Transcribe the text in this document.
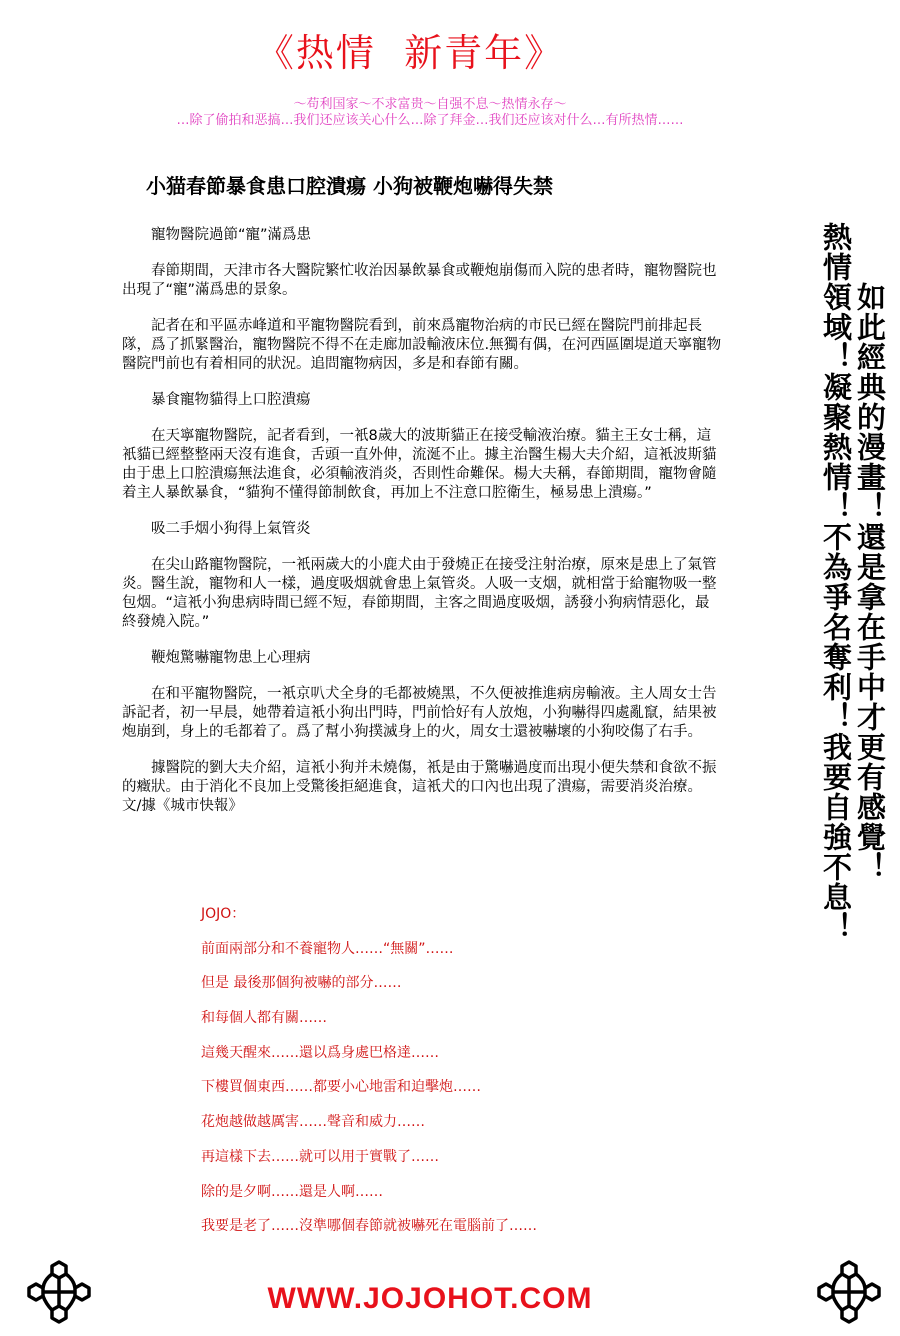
《热情  新青年》
～苟利国家～不求富贵～自强不息～热情永存～
…除了偷拍和恶搞…我们还应该关心什么…除了拜金…我们还应该对什么…有所热情……
小猫春節暴食患口腔潰瘍 小狗被鞭炮嚇得失禁

寵物醫院過節“寵”滿爲患

春節期間，天津市各大醫院繁忙收治因暴飲暴食或鞭炮崩傷而入院的患者時，寵物醫院也出現了“寵”滿爲患的景象。

記者在和平區赤峰道和平寵物醫院看到，前來爲寵物治病的市民已經在醫院門前排起長隊，爲了抓緊醫治，寵物醫院不得不在走廊加設輸液床位.無獨有偶，在河西區圍堤道天寧寵物醫院門前也有着相同的狀況。追問寵物病因，多是和春節有關。

暴食寵物貓得上口腔潰瘍

在天寧寵物醫院，記者看到，一衹8歲大的波斯貓正在接受輸液治療。貓主王女士稱，這衹貓已經整整兩天沒有進食，舌頭一直外伸，流涎不止。據主治醫生楊大夫介紹，這衹波斯貓由于患上口腔潰瘍無法進食，必須輸液消炎，否則性命難保。楊大夫稱，春節期間，寵物會隨着主人暴飲暴食，“貓狗不懂得節制飲食，再加上不注意口腔衛生，極易患上潰瘍。”

吸二手烟小狗得上氣管炎

在尖山路寵物醫院，一衹兩歲大的小鹿犬由于發燒正在接受注射治療，原來是患上了氣管炎。醫生說，寵物和人一樣，過度吸烟就會患上氣管炎。人吸一支烟，就相當于給寵物吸一整包烟。“這衹小狗患病時間已經不短，春節期間，主客之間過度吸烟，誘發小狗病情惡化，最終發燒入院。”

鞭炮驚嚇寵物患上心理病

在和平寵物醫院，一衹京叭犬全身的毛都被燒黑，不久便被推進病房輸液。主人周女士告訴記者，初一早晨，她帶着這衹小狗出門時，門前恰好有人放炮，小狗嚇得四處亂竄，結果被炮崩到，身上的毛都着了。爲了幫小狗撲滅身上的火，周女士還被嚇壞的小狗咬傷了右手。

據醫院的劉大夫介紹，這衹小狗并未燒傷，衹是由于驚嚇過度而出現小便失禁和食欲不振的癥狀。由于消化不良加上受驚後拒絕進食，這衹犬的口內也出現了潰瘍，需要消炎治療。　文/據《城市快報》	熱情領域！凝聚熱情！不為爭名奪利！我要自強不息！ 如此經典的漫畫！還是拿在手中才更有感覺！
JOJO：
前面兩部分和不養寵物人……“無關”……
但是 最後那個狗被嚇的部分……
和每個人都有關……
這幾天醒來……還以爲身處巴格達……
下樓買個東西……都要小心地雷和迫擊炮……
花炮越做越厲害……聲音和威力……
再這樣下去……就可以用于實戰了……
除的是夕啊……還是人啊……
我要是老了……沒準哪個春節就被嚇死在電腦前了……
WWW.JOJOHOT.COM
